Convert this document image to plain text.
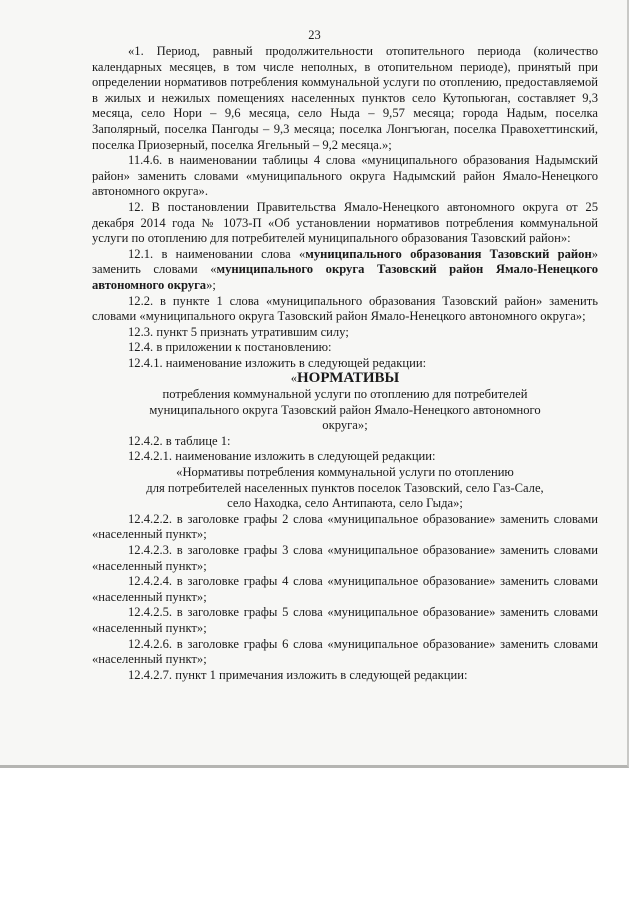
23

«1. Период, равный продолжительности отопительного периода (количество календарных месяцев, в том числе неполных, в отопительном периоде), принятый при определении нормативов потребления коммунальной услуги по отоплению, предоставляемой в жилых и нежилых помещениях населенных пунктов село Кутопьюган, составляет 9,3 месяца, село Нори – 9,6 месяца, село Ныда – 9,57 месяца; города Надым, поселка Заполярный, поселка Пангоды – 9,3 месяца; поселка Лонгъюган, поселка Правохеттинский, поселка Приозерный, поселка Ягельный – 9,2 месяца.»;

11.4.6. в наименовании таблицы 4 слова «муниципального образования Надымский район» заменить словами «муниципального округа Надымский район Ямало-Ненецкого автономного округа».

12. В постановлении Правительства Ямало-Ненецкого автономного округа от 25 декабря 2014 года № 1073-П «Об установлении нормативов потребления коммунальной услуги по отоплению для потребителей муниципального образования Тазовский район»:

12.1. в наименовании слова «муниципального образования Тазовский район» заменить словами «муниципального округа Тазовский район Ямало-Ненецкого автономного округа»;

12.2. в пункте 1 слова «муниципального образования Тазовский район» заменить словами «муниципального округа Тазовский район Ямало-Ненецкого автономного округа»;

12.3. пункт 5 признать утратившим силу;

12.4. в приложении к постановлению:

12.4.1. наименование изложить в следующей редакции:

«НОРМАТИВЫ

потребления коммунальной услуги по отоплению для потребителей

муниципального округа Тазовский район Ямало-Ненецкого автономного

округа»;

12.4.2. в таблице 1:

12.4.2.1. наименование изложить в следующей редакции:

«Нормативы потребления коммунальной услуги по отоплению

для потребителей населенных пунктов поселок Тазовский, село Газ-Сале,

село Находка, село Антипаюта, село Гыда»;

12.4.2.2. в заголовке графы 2 слова «муниципальное образование» заменить словами «населенный пункт»;

12.4.2.3. в заголовке графы 3 слова «муниципальное образование» заменить словами «населенный пункт»;

12.4.2.4. в заголовке графы 4 слова «муниципальное образование» заменить словами «населенный пункт»;

12.4.2.5. в заголовке графы 5 слова «муниципальное образование» заменить словами «населенный пункт»;

12.4.2.6. в заголовке графы 6 слова «муниципальное образование» заменить словами «населенный пункт»;

12.4.2.7. пункт 1 примечания изложить в следующей редакции:
